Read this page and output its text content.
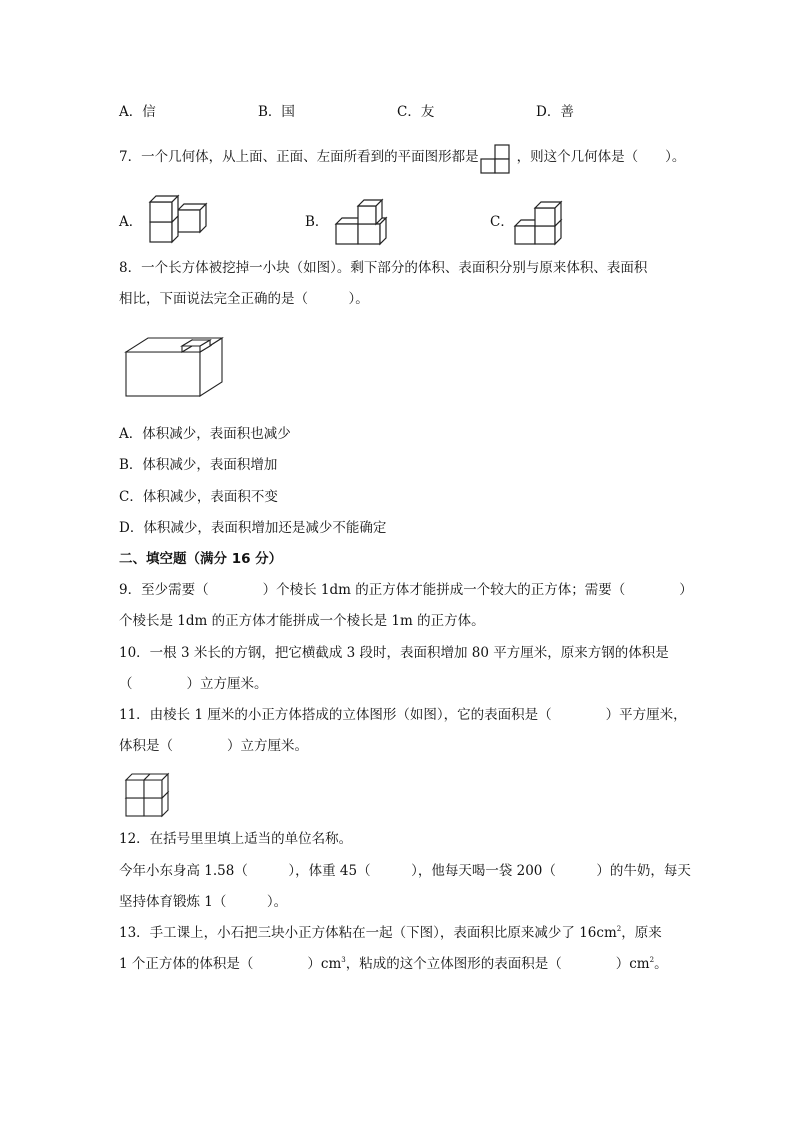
A．信	B．国	C．友	D．善
7．一个几何体，从上面、正面、左面所看到的平面图形都是	，则这个几何体是（　　）。
A．	B．	C．
8．一个长方体被挖掉一小块（如图）。剩下部分的体积、表面积分别与原来体积、表面积
相比，下面说法完全正确的是（　　　）。
A．体积减少，表面积也减少
B．体积减少，表面积增加
C．体积减少，表面积不变
D．体积减少，表面积增加还是减少不能确定
二、填空题（满分 16 分）
9．至少需要（　　　　）个棱长 1dm 的正方体才能拼成一个较大的正方体；需要（　　　　）
个棱长是 1dm 的正方体才能拼成一个棱长是 1m 的正方体。
10．一根 3 米长的方钢，把它横截成 3 段时，表面积增加 80 平方厘米，原来方钢的体积是
（　　　　）立方厘米。
11．由棱长 1 厘米的小正方体搭成的立体图形（如图），它的表面积是（　　　　）平方厘米，
体积是（　　　　）立方厘米。
12．在括号里里填上适当的单位名称。
今年小东身高 1.58（　　　），体重 45（　　　），他每天喝一袋 200（　　　）的牛奶，每天
坚持体育锻炼 1（　　　）。
13．手工课上，小石把三块小正方体粘在一起（下图），表面积比原来减少了 $16cm^2$，原来
1 个正方体的体积是（　　　　）$cm^3$，粘成的这个立体图形的表面积是（　　　　）$cm^2$。
